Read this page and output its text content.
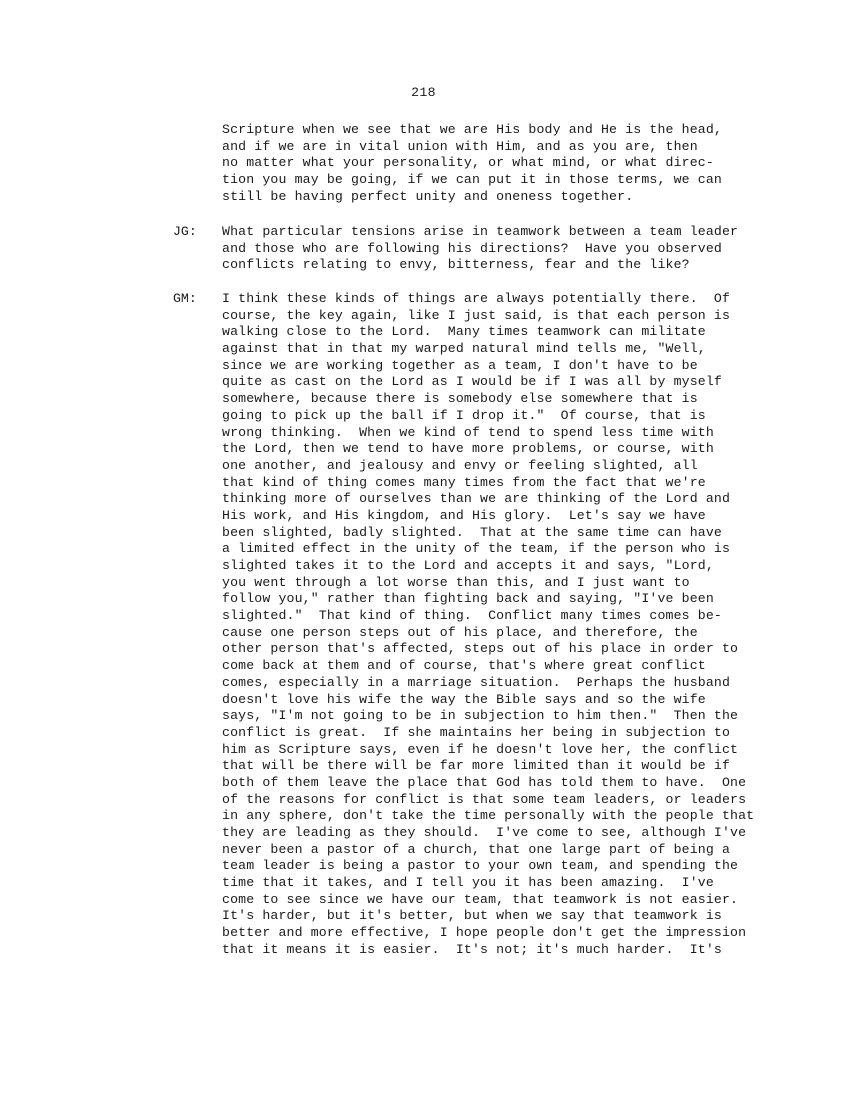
218
Scripture when we see that we are His body and He is the head,
and if we are in vital union with Him, and as you are, then
no matter what your personality, or what mind, or what direc-
tion you may be going, if we can put it in those terms, we can
still be having perfect unity and oneness together.
JG: What particular tensions arise in teamwork between a team leader
and those who are following his directions?  Have you observed
conflicts relating to envy, bitterness, fear and the like?
GM: I think these kinds of things are always potentially there.  Of
course, the key again, like I just said, is that each person is
walking close to the Lord.  Many times teamwork can militate
against that in that my warped natural mind tells me, "Well,
since we are working together as a team, I don't have to be
quite as cast on the Lord as I would be if I was all by myself
somewhere, because there is somebody else somewhere that is
going to pick up the ball if I drop it."  Of course, that is
wrong thinking.  When we kind of tend to spend less time with
the Lord, then we tend to have more problems, or course, with
one another, and jealousy and envy or feeling slighted, all
that kind of thing comes many times from the fact that we're
thinking more of ourselves than we are thinking of the Lord and
His work, and His kingdom, and His glory.  Let's say we have
been slighted, badly slighted.  That at the same time can have
a limited effect in the unity of the team, if the person who is
slighted takes it to the Lord and accepts it and says, "Lord,
you went through a lot worse than this, and I just want to
follow you," rather than fighting back and saying, "I've been
slighted."  That kind of thing.  Conflict many times comes be-
cause one person steps out of his place, and therefore, the
other person that's affected, steps out of his place in order to
come back at them and of course, that's where great conflict
comes, especially in a marriage situation.  Perhaps the husband
doesn't love his wife the way the Bible says and so the wife
says, "I'm not going to be in subjection to him then."  Then the
conflict is great.  If she maintains her being in subjection to
him as Scripture says, even if he doesn't love her, the conflict
that will be there will be far more limited than it would be if
both of them leave the place that God has told them to have.  One
of the reasons for conflict is that some team leaders, or leaders
in any sphere, don't take the time personally with the people that
they are leading as they should.  I've come to see, although I've
never been a pastor of a church, that one large part of being a
team leader is being a pastor to your own team, and spending the
time that it takes, and I tell you it has been amazing.  I've
come to see since we have our team, that teamwork is not easier.
It's harder, but it's better, but when we say that teamwork is
better and more effective, I hope people don't get the impression
that it means it is easier.  It's not; it's much harder.  It's
